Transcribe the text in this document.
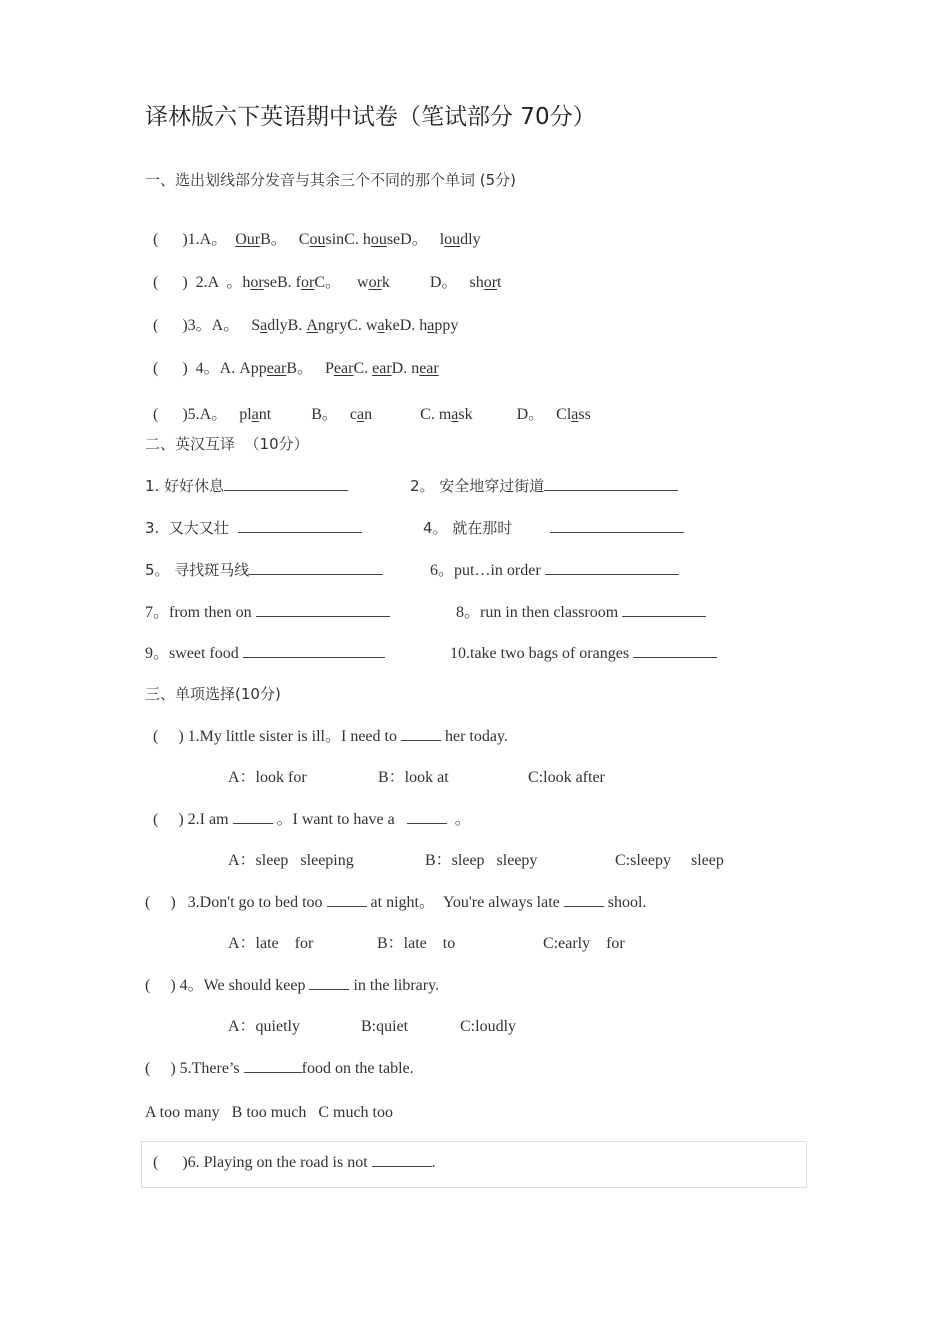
译林版六下英语期中试卷（笔试部分 70分）
一、选出划线部分发音与其余三个不同的那个单词 (5分)

(      )1.A。 OurB。 CousinC. houseD。 loudly

(      )  2.A  。horseB. forC。 work	D。 short

(      )3。A。 SadlyB. AngryC. wakeD. happy

(      )  4。A. AppearB。 PearC. earD. near

(      )5.A。 plant	B。 can	C. mask	D。 Class

二、英汉互译  （10分）
1. 好好休息	2。 安全地穿过街道
3.  又大又壮	4。 就在那时
5。 寻找斑马线	6。put…in order
7。from then on	8。run in then classroom
9。sweet food	10.take two bags of oranges
三、单项选择(10分)
(     ) 1.My little sister is ill。I need to	her today.
A：look for	B：look at	C:look after
(     ) 2.I am	。I want to have a	。
A：sleep   sleeping	B：sleep   sleepy	C:sleepy     sleep
(     )   3.Don't go to bed too	at night。  You're always late	shool.
A：late    for	B：late    to	C:early    for
(     ) 4。We should keep	in the library.
A：quietly	B:quiet	C:loudly
(     ) 5.There’s	food on the table.
A too many   B too much   C much too
(      )6. Playing on the road is not	.
